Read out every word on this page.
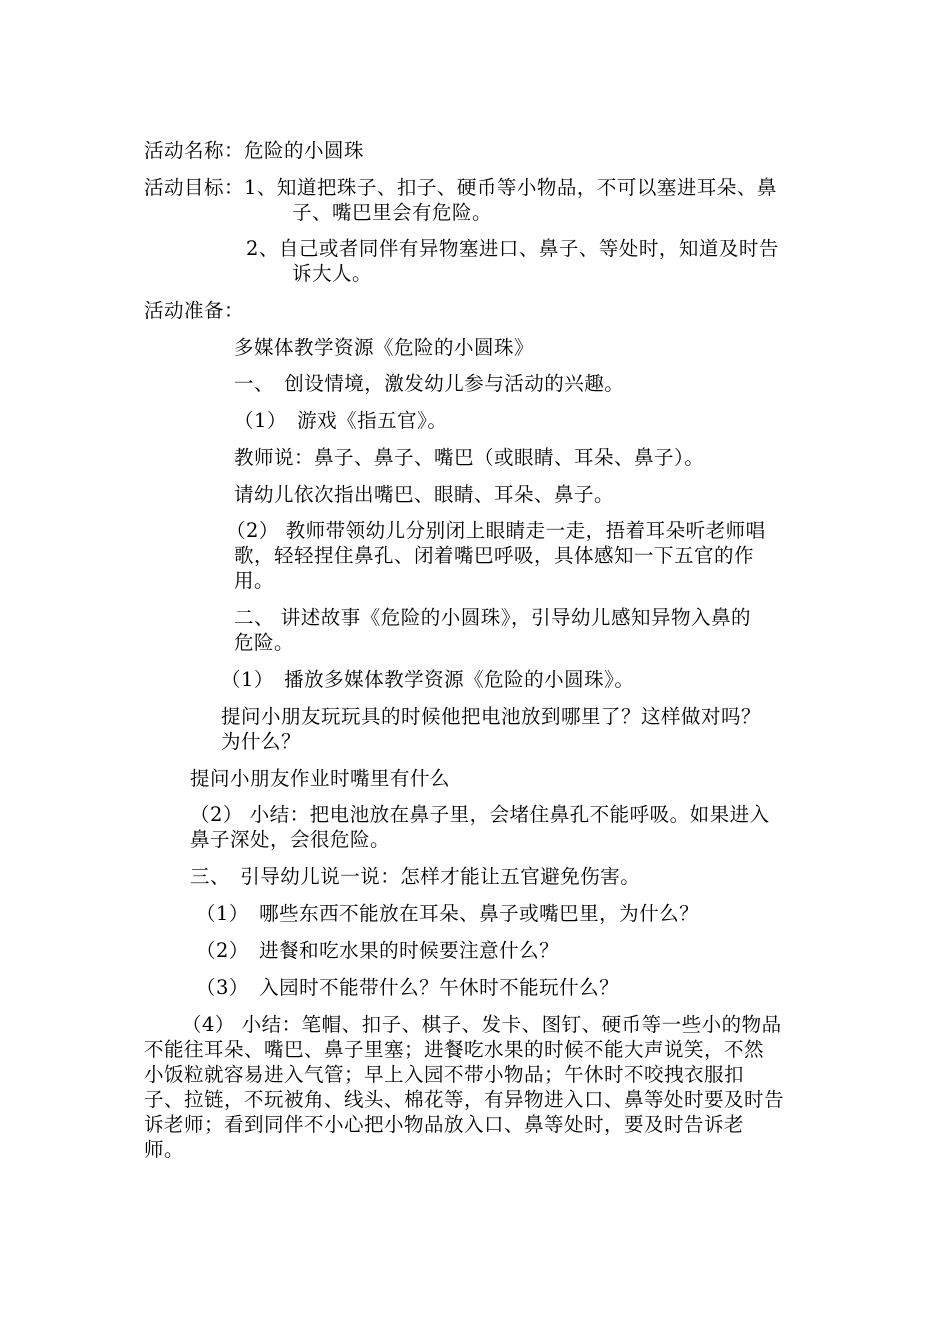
活动名称：危险的小圆珠
活动目标：1、知道把珠子、扣子、硬币等小物品，不可以塞进耳朵、鼻
子、嘴巴里会有危险。
2、自己或者同伴有异物塞进口、鼻子、等处时，知道及时告
诉大人。
活动准备：
多媒体教学资源《危险的小圆珠》
一、　创设情境，激发幼儿参与活动的兴趣。
（1）　游戏《指五官》。
教师说：鼻子、鼻子、嘴巴（或眼睛、耳朵、鼻子）。
请幼儿依次指出嘴巴、眼睛、耳朵、鼻子。
（2） 教师带领幼儿分别闭上眼睛走一走，捂着耳朵听老师唱
歌，轻轻捏住鼻孔、闭着嘴巴呼吸，具体感知一下五官的作
用。
二、 讲述故事《危险的小圆珠》，引导幼儿感知异物入鼻的
危险。
（1）　播放多媒体教学资源《危险的小圆珠》。
提问小朋友玩玩具的时候他把电池放到哪里了？这样做对吗？
为什么？
提问小朋友作业时嘴里有什么
（2） 小结：把电池放在鼻子里，会堵住鼻孔不能呼吸。如果进入
鼻子深处，会很危险。
三、　引导幼儿说一说：怎样才能让五官避免伤害。
（1）　哪些东西不能放在耳朵、鼻子或嘴巴里，为什么？
（2）　进餐和吃水果的时候要注意什么？
（3）　入园时不能带什么？午休时不能玩什么？
（4） 小结：笔帽、扣子、棋子、发卡、图钉、硬币等一些小的物品
不能往耳朵、嘴巴、鼻子里塞；进餐吃水果的时候不能大声说笑，不然
小饭粒就容易进入气管；早上入园不带小物品；午休时不咬拽衣服扣
子、拉链，不玩被角、线头、棉花等，有异物进入口、鼻等处时要及时告
诉老师；看到同伴不小心把小物品放入口、鼻等处时，要及时告诉老
师。
